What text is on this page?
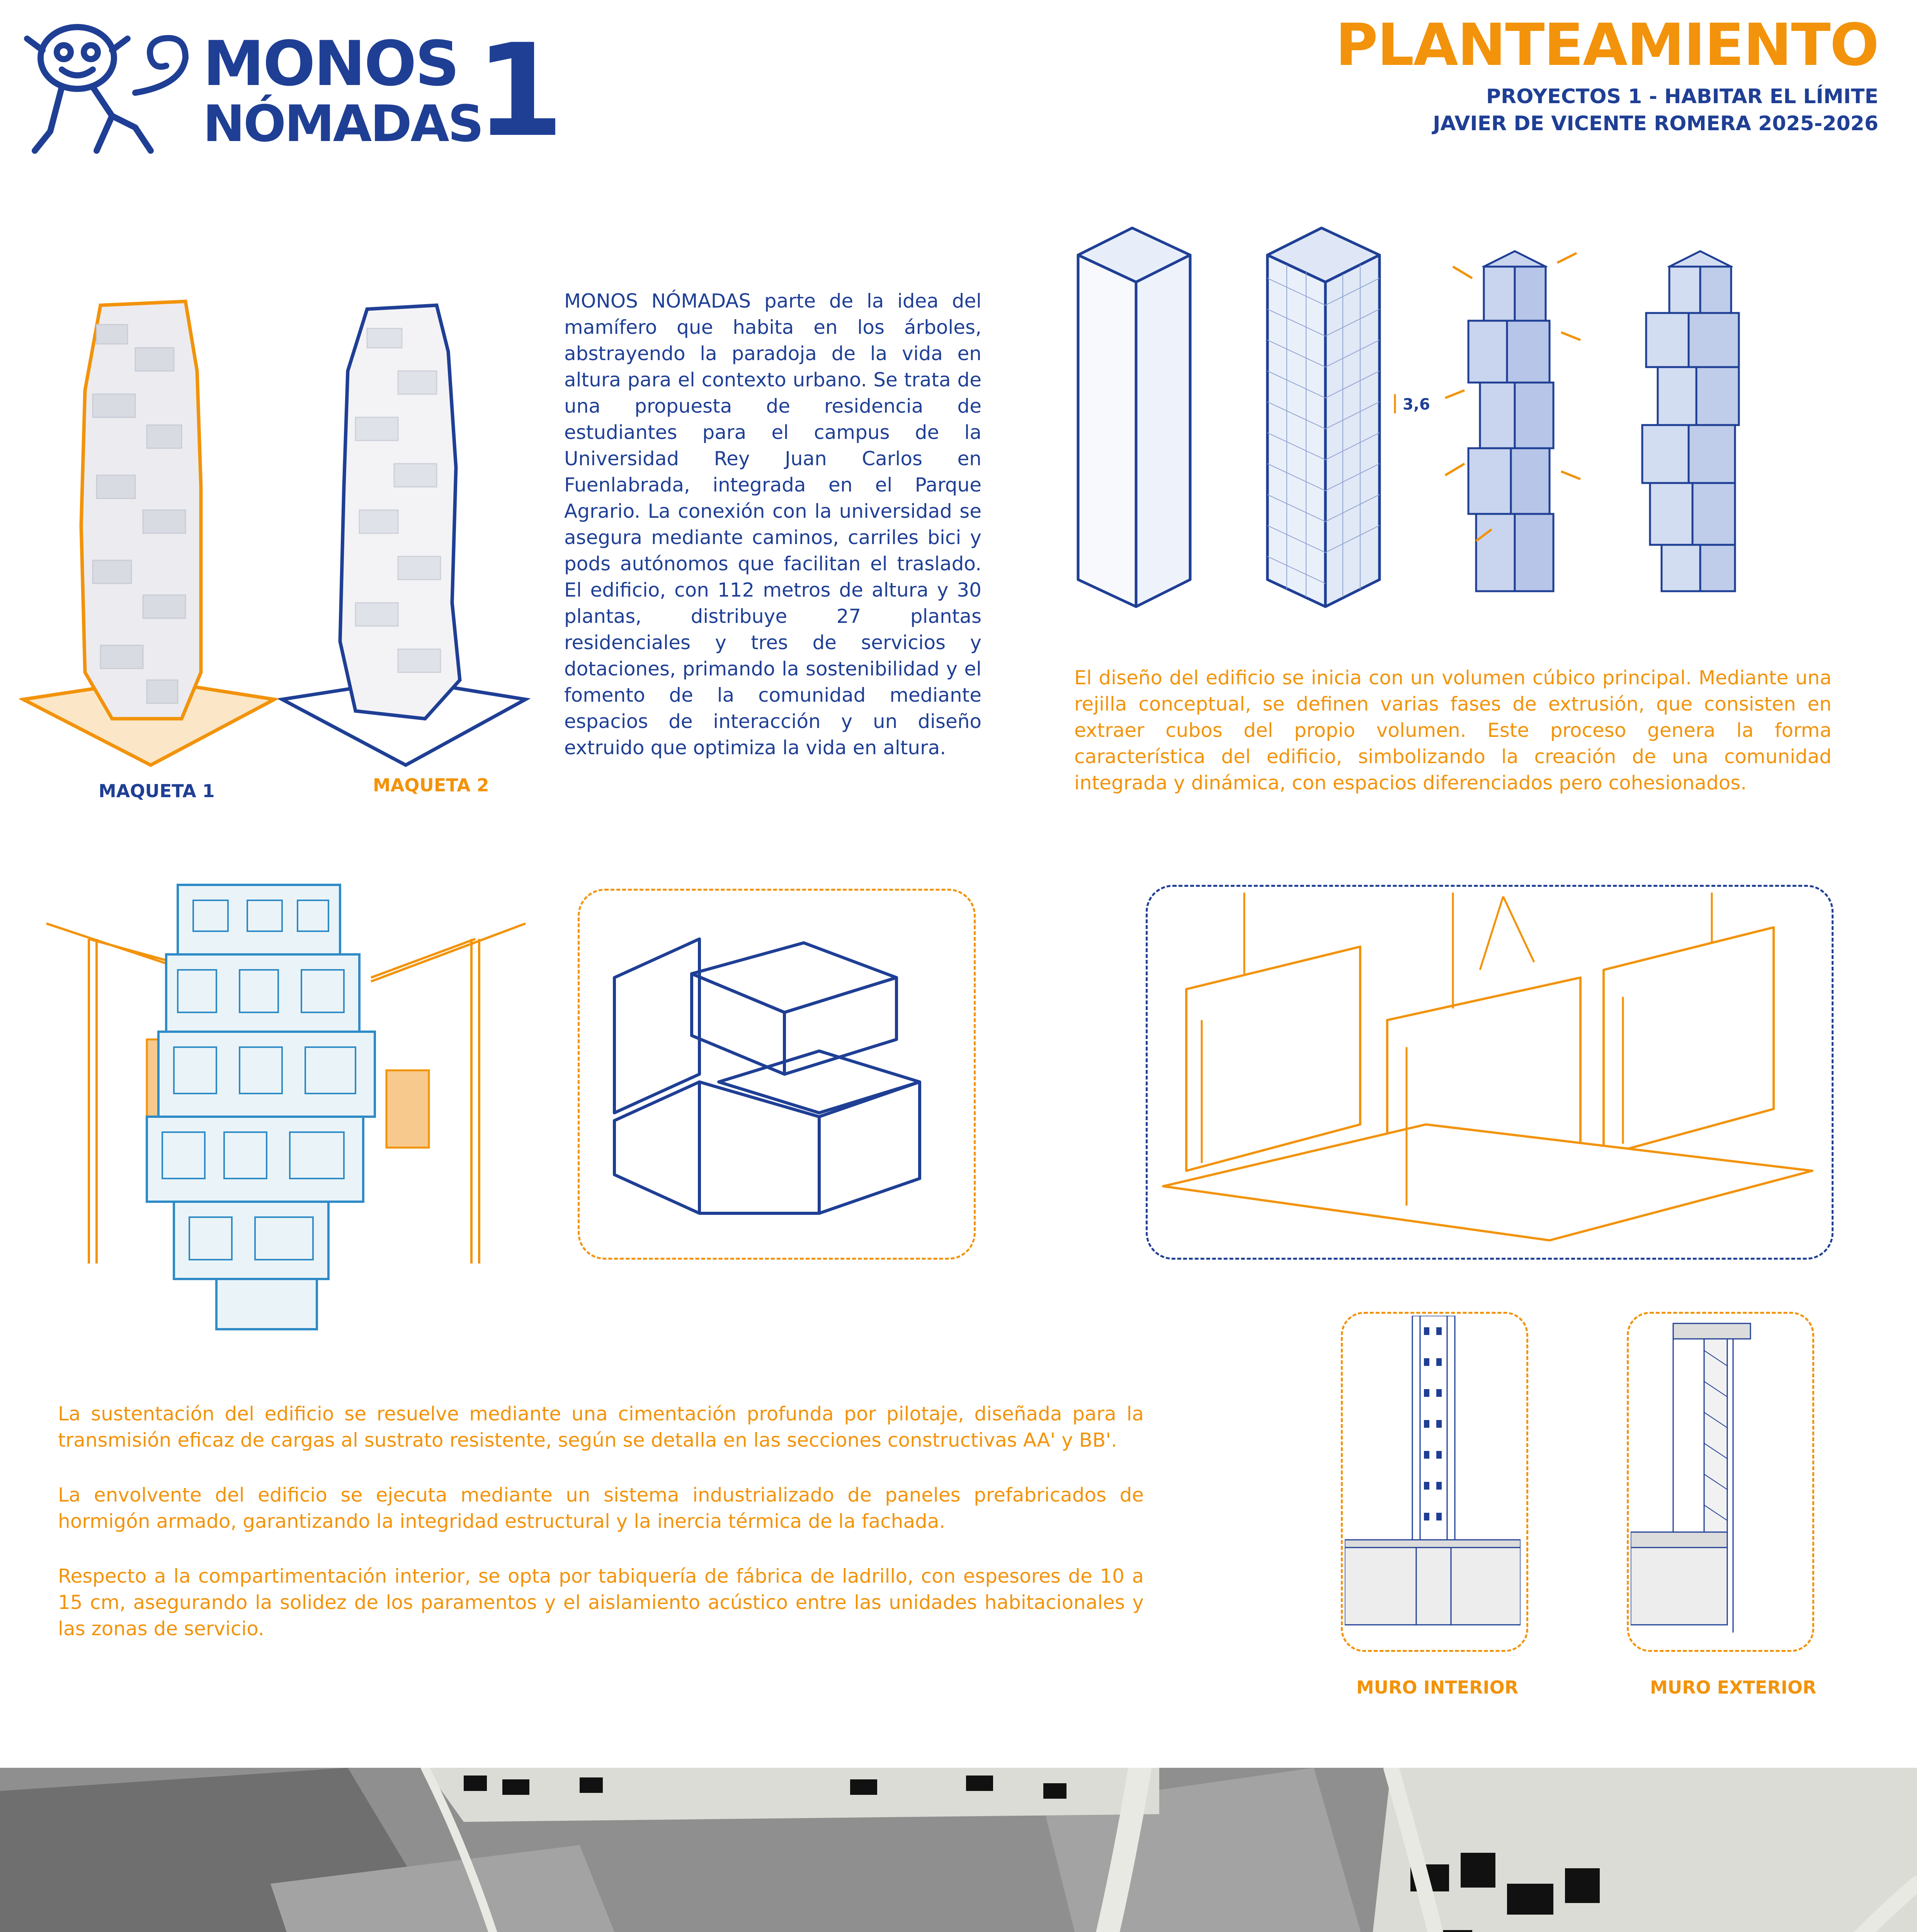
MONOS
NÓMADAS
1	PLANTEAMIENTO
PROYECTOS 1 - HABITAR EL LÍMITE
JAVIER DE VICENTE ROMERA 2025-2026
MAQUETA 1	MAQUETA 2
MONOS NÓMADAS parte de la idea del mamífero que habita en los árboles, abstrayendo la paradoja de la vida en altura para el contexto urbano. Se trata de una propuesta de residencia de estudiantes para el campus de la Universidad Rey Juan Carlos en Fuenlabrada, integrada en el Parque Agrario. La conexión con la universidad se asegura mediante caminos, carriles bici y pods autónomos que facilitan el traslado. El edificio, con 112 metros de altura y 30 plantas, distribuye 27 plantas residenciales y tres de servicios y dotaciones, primando la sostenibilidad y el fomento de la comunidad mediante espacios de interacción y un diseño extruido que optimiza la vida en altura.
3,6
El diseño del edificio se inicia con un volumen cúbico principal. Mediante una rejilla conceptual, se definen varias fases de extrusión, que consisten en extraer cubos del propio volumen. Este proceso genera la forma característica del edificio, simbolizando la creación de una comunidad integrada y dinámica, con espacios diferenciados pero cohesionados.
La sustentación del edificio se resuelve mediante una cimentación profunda por pilotaje, diseñada para la transmisión eficaz de cargas al sustrato resistente, según se detalla en las secciones constructivas AA' y BB'.
La envolvente del edificio se ejecuta mediante un sistema industrializado de paneles prefabricados de hormigón armado, garantizando la integridad estructural y la inercia térmica de la fachada.
Respecto a la compartimentación interior, se opta por tabiquería de fábrica de ladrillo, con espesores de 10 a 15 cm, asegurando la solidez de los paramentos y el aislamiento acústico entre las unidades habitacionales y las zonas de servicio.
MURO INTERIOR	MURO EXTERIOR
